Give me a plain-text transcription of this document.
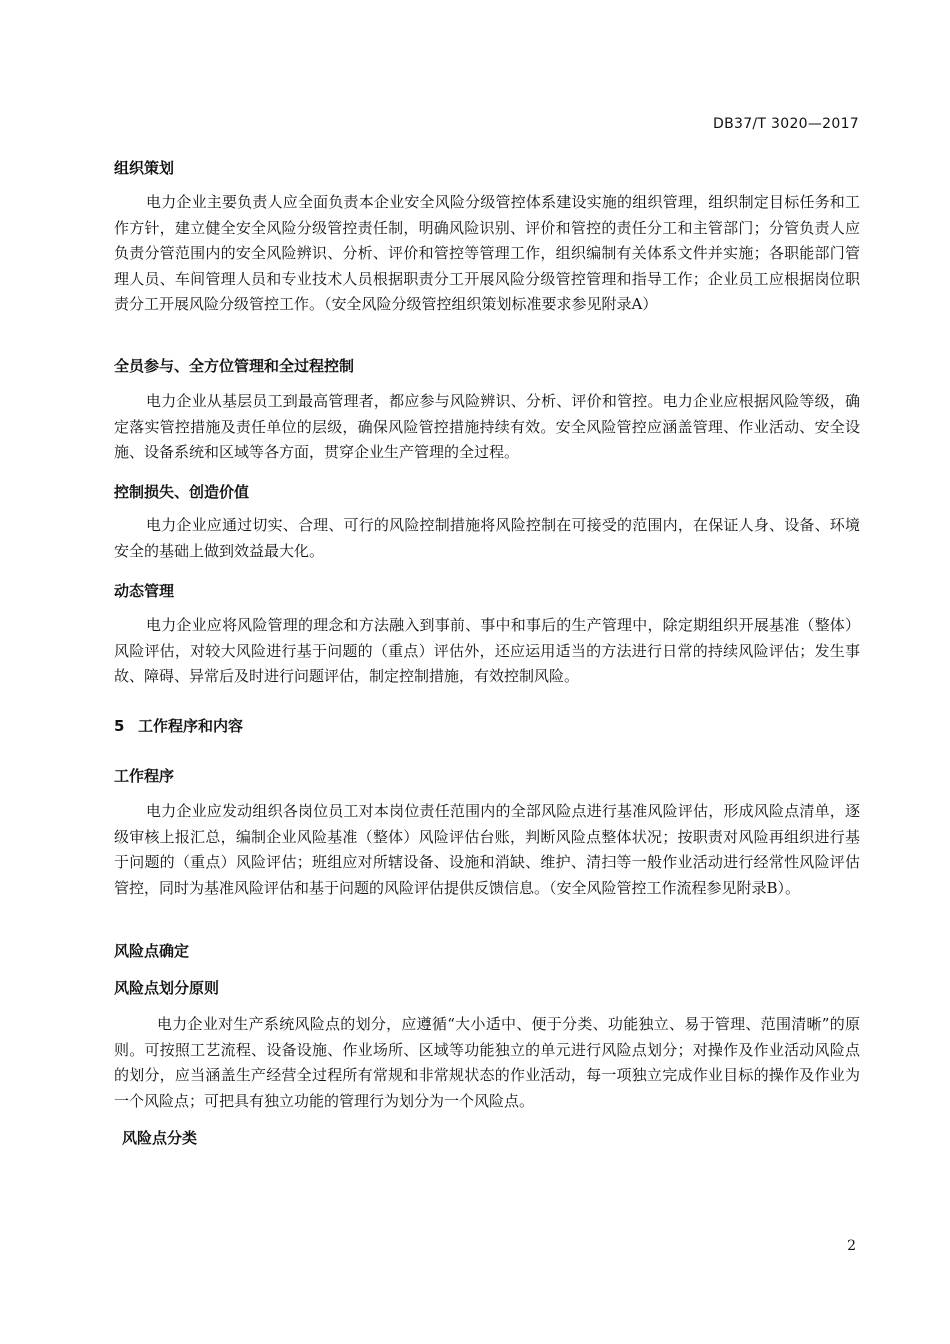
DB37/T 3020—2017
组织策划
电力企业主要负责人应全面负责本企业安全风险分级管控体系建设实施的组织管理，组织制定目标任务和工作方针，建立健全安全风险分级管控责任制，明确风险识别、评价和管控的责任分工和主管部门；分管负责人应负责分管范围内的安全风险辨识、分析、评价和管控等管理工作，组织编制有关体系文件并实施；各职能部门管理人员、车间管理人员和专业技术人员根据职责分工开展风险分级管控管理和指导工作；企业员工应根据岗位职责分工开展风险分级管控工作。（安全风险分级管控组织策划标准要求参见附录A）
全员参与、全方位管理和全过程控制
电力企业从基层员工到最高管理者，都应参与风险辨识、分析、评价和管控。电力企业应根据风险等级，确定落实管控措施及责任单位的层级，确保风险管控措施持续有效。安全风险管控应涵盖管理、作业活动、安全设施、设备系统和区域等各方面，贯穿企业生产管理的全过程。
控制损失、创造价值
电力企业应通过切实、合理、可行的风险控制措施将风险控制在可接受的范围内，在保证人身、设备、环境安全的基础上做到效益最大化。
动态管理
电力企业应将风险管理的理念和方法融入到事前、事中和事后的生产管理中，除定期组织开展基准（整体）风险评估，对较大风险进行基于问题的（重点）评估外，还应运用适当的方法进行日常的持续风险评估；发生事故、障碍、异常后及时进行问题评估，制定控制措施，有效控制风险。
5 工作程序和内容
工作程序
电力企业应发动组织各岗位员工对本岗位责任范围内的全部风险点进行基准风险评估，形成风险点清单，逐级审核上报汇总，编制企业风险基准（整体）风险评估台账，判断风险点整体状况；按职责对风险再组织进行基于问题的（重点）风险评估；班组应对所辖设备、设施和消缺、维护、清扫等一般作业活动进行经常性风险评估管控，同时为基准风险评估和基于问题的风险评估提供反馈信息。（安全风险管控工作流程参见附录B）。
风险点确定
风险点划分原则
电力企业对生产系统风险点的划分，应遵循“大小适中、便于分类、功能独立、易于管理、范围清晰”的原则。可按照工艺流程、设备设施、作业场所、区域等功能独立的单元进行风险点划分；对操作及作业活动风险点的划分，应当涵盖生产经营全过程所有常规和非常规状态的作业活动，每一项独立完成作业目标的操作及作业为一个风险点；可把具有独立功能的管理行为划分为一个风险点。
风险点分类
2
